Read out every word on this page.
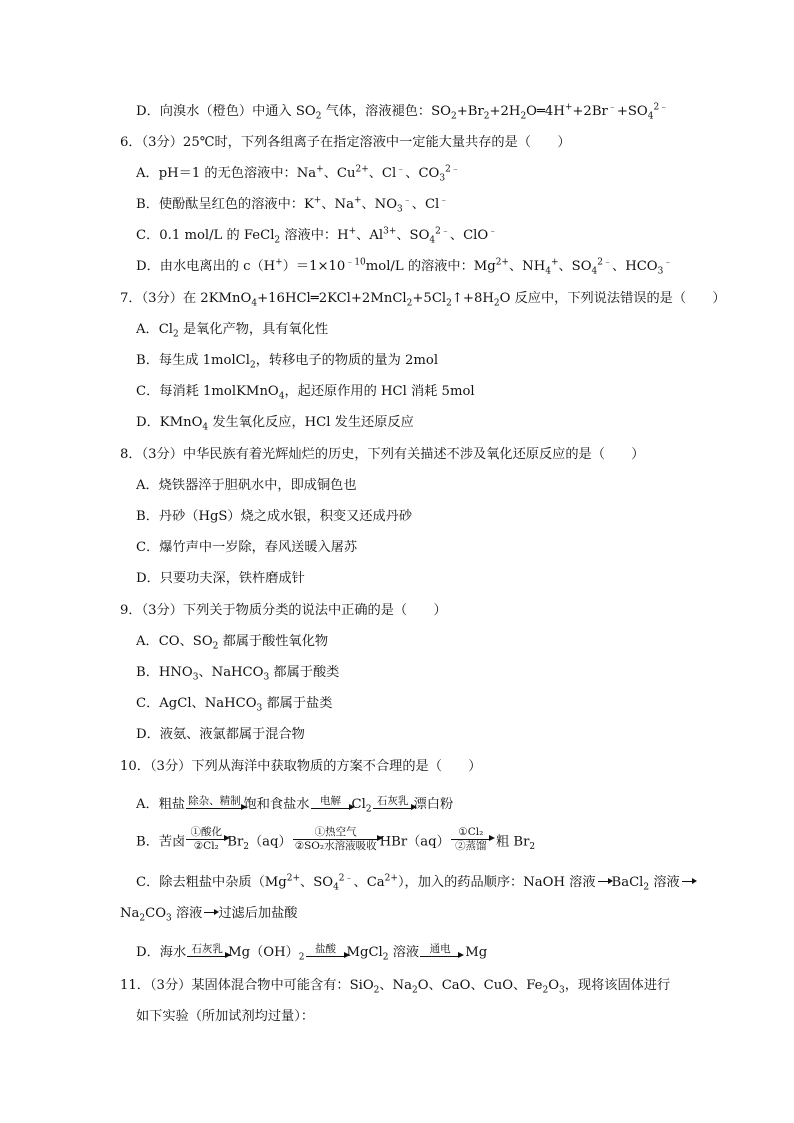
D．向溴水（橙色）中通入 $SO_2$ 气体，溶液褪色：$SO_2+Br_2+2H_2O═4H^++2Br^﹣+SO_4^{2﹣}$
6．（3分）25℃时，下列各组离子在指定溶液中一定能大量共存的是（　　）
A．pH＝1 的无色溶液中：Na+、$Cu^{2+}$、Cl﹣、$CO_3^{2﹣}$
B．使酚酞呈红色的溶液中：K+、Na+、$NO_3^﹣$、Cl﹣
C．0.1 mol/L 的 FeCl$_2$ 溶液中：H+、$Al^{3+}$、$SO_4^{2﹣}$、ClO﹣
D．由水电离出的 $c(H^+)=1\times 10^{﹣10}mol/L$ 的溶液中：$Mg^{2+}$、$NH_4^+$、$SO_4^{2﹣}$、$HCO_3^﹣$
7．（3分）在 $2KMnO_4+16HCl═2KCl+2MnCl_2+5Cl_2↑+8H_2O$ 反应中，下列说法错误的是（　　）
A．$Cl_2$ 是氧化产物，具有氧化性
B．每生成 1molCl$_2$，转移电子的物质的量为 2mol
C．每消耗 1molKMnO$_4$，起还原作用的 HCl 消耗 5mol
D．KMnO$_4$ 发生氧化反应，HCl 发生还原反应
8．（3分）中华民族有着光辉灿烂的历史，下列有关描述不涉及氧化还原反应的是（　　）
A．烧铁器淬于胆矾水中，即成铜色也
B．丹砂（HgS）烧之成水银，积变又还成丹砂
C．爆竹声中一岁除，春风送暖入屠苏
D．只要功夫深，铁杵磨成针
9．（3分）下列关于物质分类的说法中正确的是（　　）
A．CO、$SO_2$ 都属于酸性氧化物
B．$HNO_3$、NaHCO$_3$ 都属于酸类
C．AgCl、NaHCO$_3$ 都属于盐类
D．液氨、液氯都属于混合物
10．（3分）下列从海洋中获取物质的方案不合理的是（　　）
A．粗盐 除杂、精制 饱和食盐水	电解 $Cl_2$
石灰乳 漂白粉
B．苦卤
①酸化
②Cl₂ $Br_2(aq)$
①热空气
②SO₂水溶液吸收 HBr（aq）
①Cl₂
②蒸馏 粗 $Br_2$
C．除去粗盐中杂质（$Mg^{2+}$、$SO_4^{2﹣}$、$Ca^{2+}$），加入的药品顺序：NaOH 溶液 BaCl$_2$ 溶液
$Na_2CO_3$ 溶液 过滤后加盐酸
D．海水 石灰乳 $Mg(OH)_2$
盐酸 MgCl$_2$ 溶液	通电 Mg
11．（3分）某固体混合物中可能含有：SiO$_2$、$Na_2O$、CaO、CuO、$Fe_2O_3$，现将该固体进行
如下实验（所加试剂均过量）：
